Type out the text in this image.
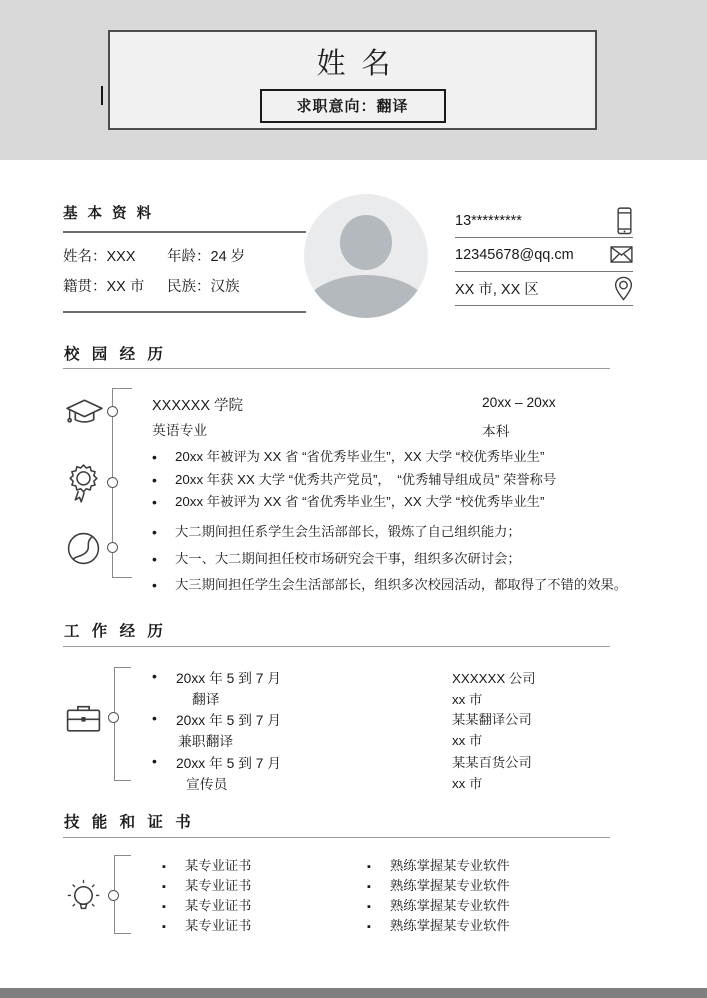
姓 名
求职意向：翻译
基 本 资 料
姓名：XXX	年龄：24 岁
籍贯：XX 市	民族：汉族
13*********
12345678@qq.cm
XX 市, XX 区
校 园 经 历
XXXXXX 学院
英语专业
20xx – 20xx
本科
• 20xx 年被评为 XX 省 “省优秀毕业生”，XX 大学 “校优秀毕业生”
• 20xx 年获 XX 大学 “优秀共产党员”，　“优秀辅导组成员” 荣誉称号
• 20xx 年被评为 XX 省 “省优秀毕业生”，XX 大学 “校优秀毕业生”
• 大二期间担任系学生会生活部部长，锻炼了自己组织能力；
• 大一、大二期间担任校市场研究会干事，组织多次研讨会；
• 大三期间担任学生会生活部部长，组织多次校园活动，都取得了不错的效果。
工 作 经 历
• 20xx 年 5 到 7 月
翻译
XXXXXX 公司
xx 市
• 20xx 年 5 到 7 月
兼职翻译
某某翻译公司
xx 市
• 20xx 年 5 到 7 月
宣传员
某某百货公司
xx 市
技 能 和 证 书
▪ 某专业证书
▪ 某专业证书
▪ 某专业证书
▪ 某专业证书
▪ 熟练掌握某专业软件
▪ 熟练掌握某专业软件
▪ 熟练掌握某专业软件
▪ 熟练掌握某专业软件
